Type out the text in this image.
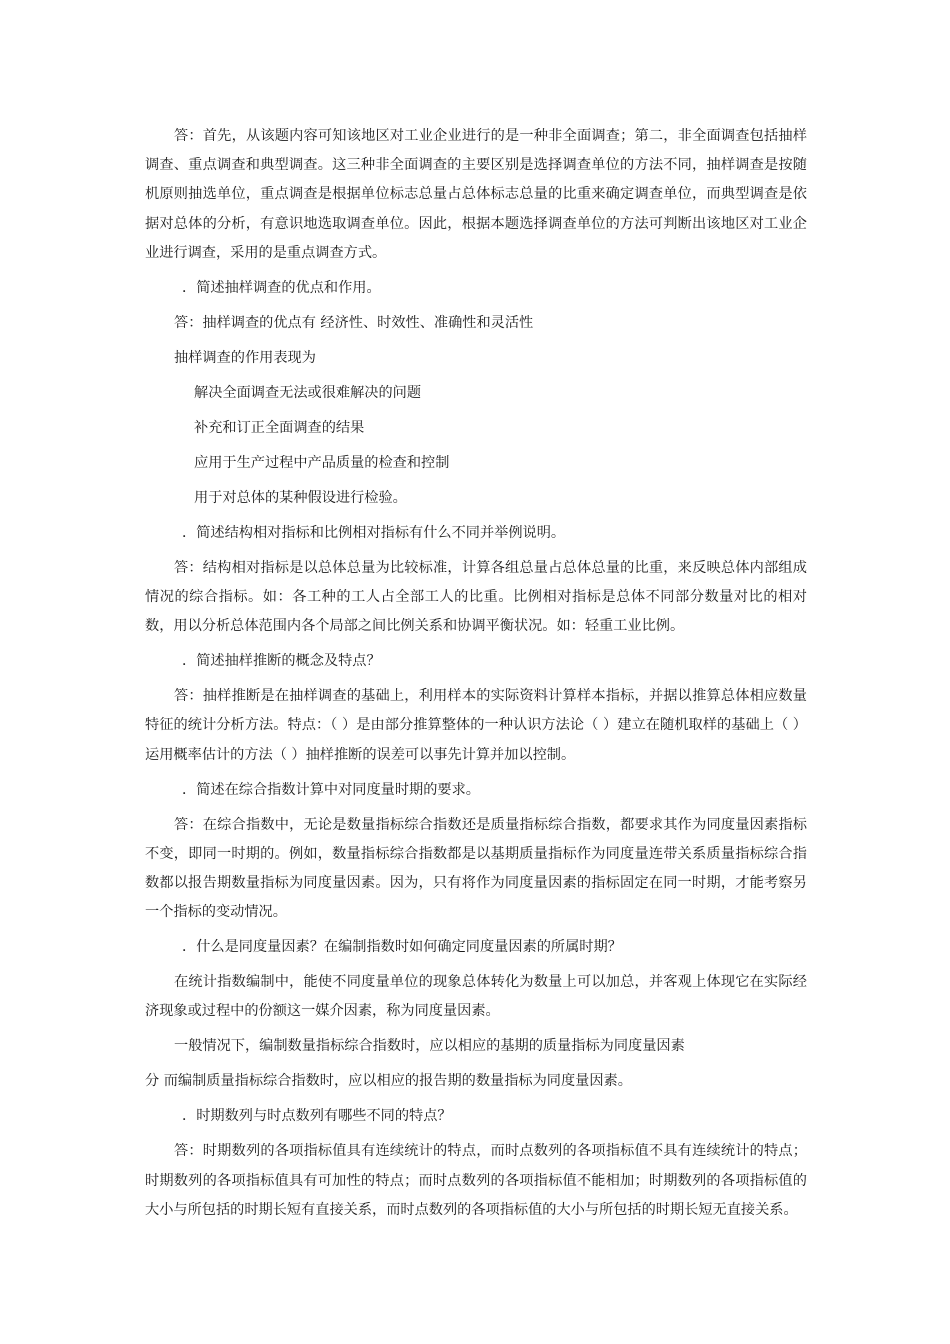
答：首先，从该题内容可知该地区对工业企业进行的是一种非全面调查；第二，非全面调查包括抽样调查、重点调查和典型调查。这三种非全面调查的主要区别是选择调查单位的方法不同，抽样调查是按随机原则抽选单位，重点调查是根据单位标志总量占总体标志总量的比重来确定调查单位，而典型调查是依据对总体的分析，有意识地选取调查单位。因此，根据本题选择调查单位的方法可判断出该地区对工业企业进行调查，采用的是重点调查方式。

．简述抽样调查的优点和作用。

答：抽样调查的优点有 经济性、时效性、准确性和灵活性

抽样调查的作用表现为

解决全面调查无法或很难解决的问题

补充和订正全面调查的结果

应用于生产过程中产品质量的检查和控制

用于对总体的某种假设进行检验。

．简述结构相对指标和比例相对指标有什么不同并举例说明。

答：结构相对指标是以总体总量为比较标准，计算各组总量占总体总量的比重，来反映总体内部组成情况的综合指标。如：各工种的工人占全部工人的比重。比例相对指标是总体不同部分数量对比的相对数，用以分析总体范围内各个局部之间比例关系和协调平衡状况。如：轻重工业比例。

．简述抽样推断的概念及特点？

答：抽样推断是在抽样调查的基础上，利用样本的实际资料计算样本指标，并据以推算总体相应数量特征的统计分析方法。特点：（ ）是由部分推算整体的一种认识方法论（ ）建立在随机取样的基础上（ ）运用概率估计的方法（ ）抽样推断的误差可以事先计算并加以控制。

．简述在综合指数计算中对同度量时期的要求。

答：在综合指数中，无论是数量指标综合指数还是质量指标综合指数，都要求其作为同度量因素指标不变，即同一时期的。例如，数量指标综合指数都是以基期质量指标作为同度量连带关系质量指标综合指数都以报告期数量指标为同度量因素。因为，只有将作为同度量因素的指标固定在同一时期，才能考察另一个指标的变动情况。

．什么是同度量因素？在编制指数时如何确定同度量因素的所属时期？

在统计指数编制中，能使不同度量单位的现象总体转化为数量上可以加总，并客观上体现它在实际经济现象或过程中的份额这一媒介因素，称为同度量因素。

一般情况下，编制数量指标综合指数时，应以相应的基期的质量指标为同度量因素

分 而编制质量指标综合指数时，应以相应的报告期的数量指标为同度量因素。

．时期数列与时点数列有哪些不同的特点？

答：时期数列的各项指标值具有连续统计的特点，而时点数列的各项指标值不具有连续统计的特点；时期数列的各项指标值具有可加性的特点；而时点数列的各项指标值不能相加；时期数列的各项指标值的大小与所包括的时期长短有直接关系，而时点数列的各项指标值的大小与所包括的时期长短无直接关系。
